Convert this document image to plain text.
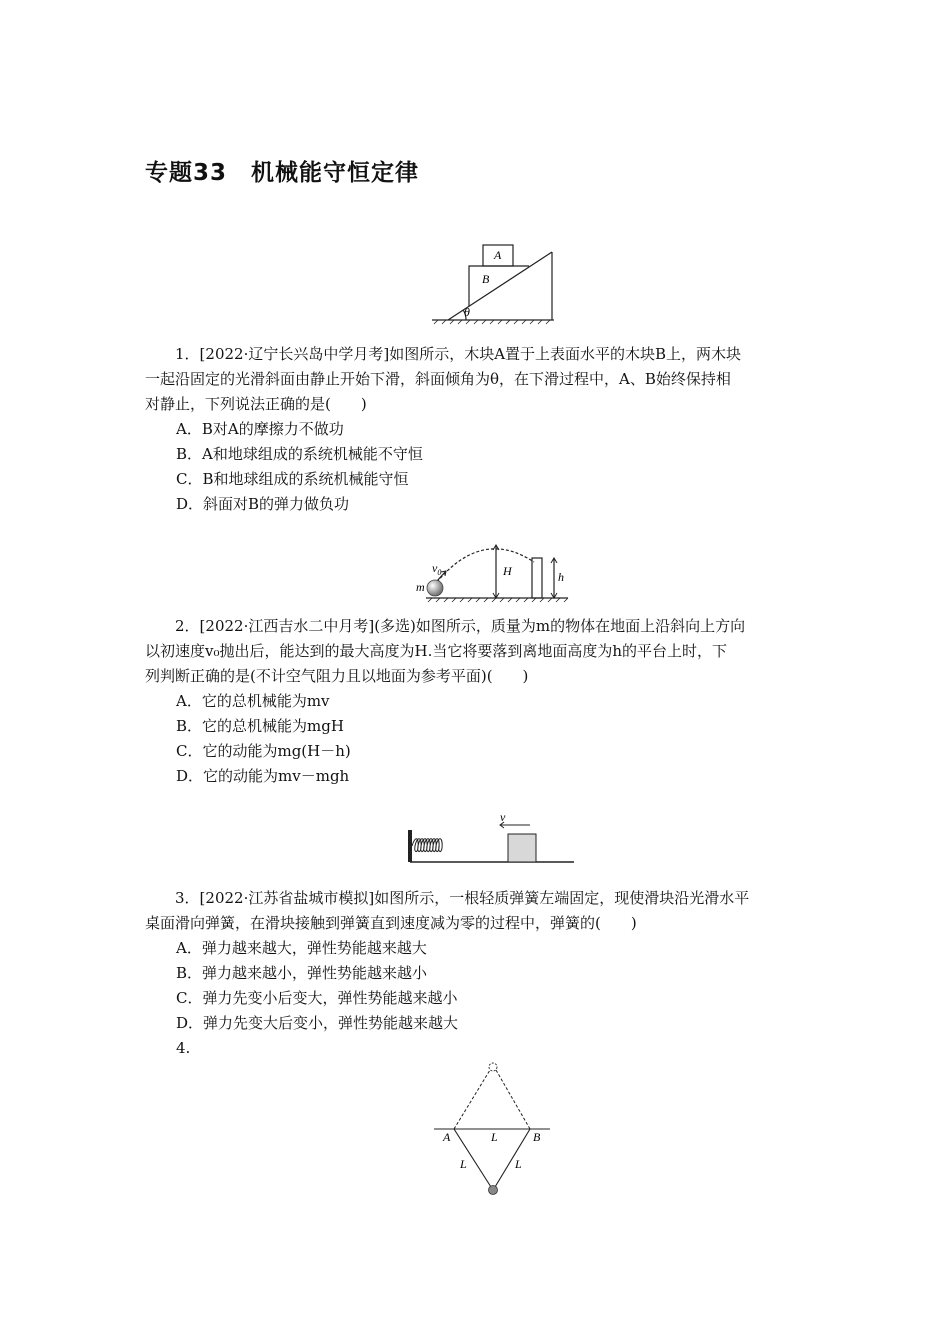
专题33　机械能守恒定律
A
B
θ
1．[2022·辽宁长兴岛中学月考]如图所示，木块A置于上表面水平的木块B上，两木块
一起沿固定的光滑斜面由静止开始下滑，斜面倾角为θ，在下滑过程中，A、B始终保持相
对静止，下列说法正确的是(　　)
A．B对A的摩擦力不做功
B．A和地球组成的系统机械能不守恒
C．B和地球组成的系统机械能守恒
D．斜面对B的弹力做负功
m
$v_0$	H	h
2．[2022·江西吉水二中月考](多选)如图所示，质量为m的物体在地面上沿斜向上方向
以初速度v₀抛出后，能达到的最大高度为H.当它将要落到离地面高度为h的平台上时，下
列判断正确的是(不计空气阻力且以地面为参考平面)(　　)
A．它的总机械能为mv
B．它的总机械能为mgH
C．它的动能为mg(H－h)
D．它的动能为mv－mgh
v
3．[2022·江苏省盐城市模拟]如图所示，一根轻质弹簧左端固定，现使滑块沿光滑水平
桌面滑向弹簧，在滑块接触到弹簧直到速度减为零的过程中，弹簧的(　　)
A．弹力越来越大，弹性势能越来越大
B．弹力越来越小，弹性势能越来越小
C．弹力先变小后变大，弹性势能越来越小
D．弹力先变大后变小，弹性势能越来越大
4.
A	B
L
L	L
